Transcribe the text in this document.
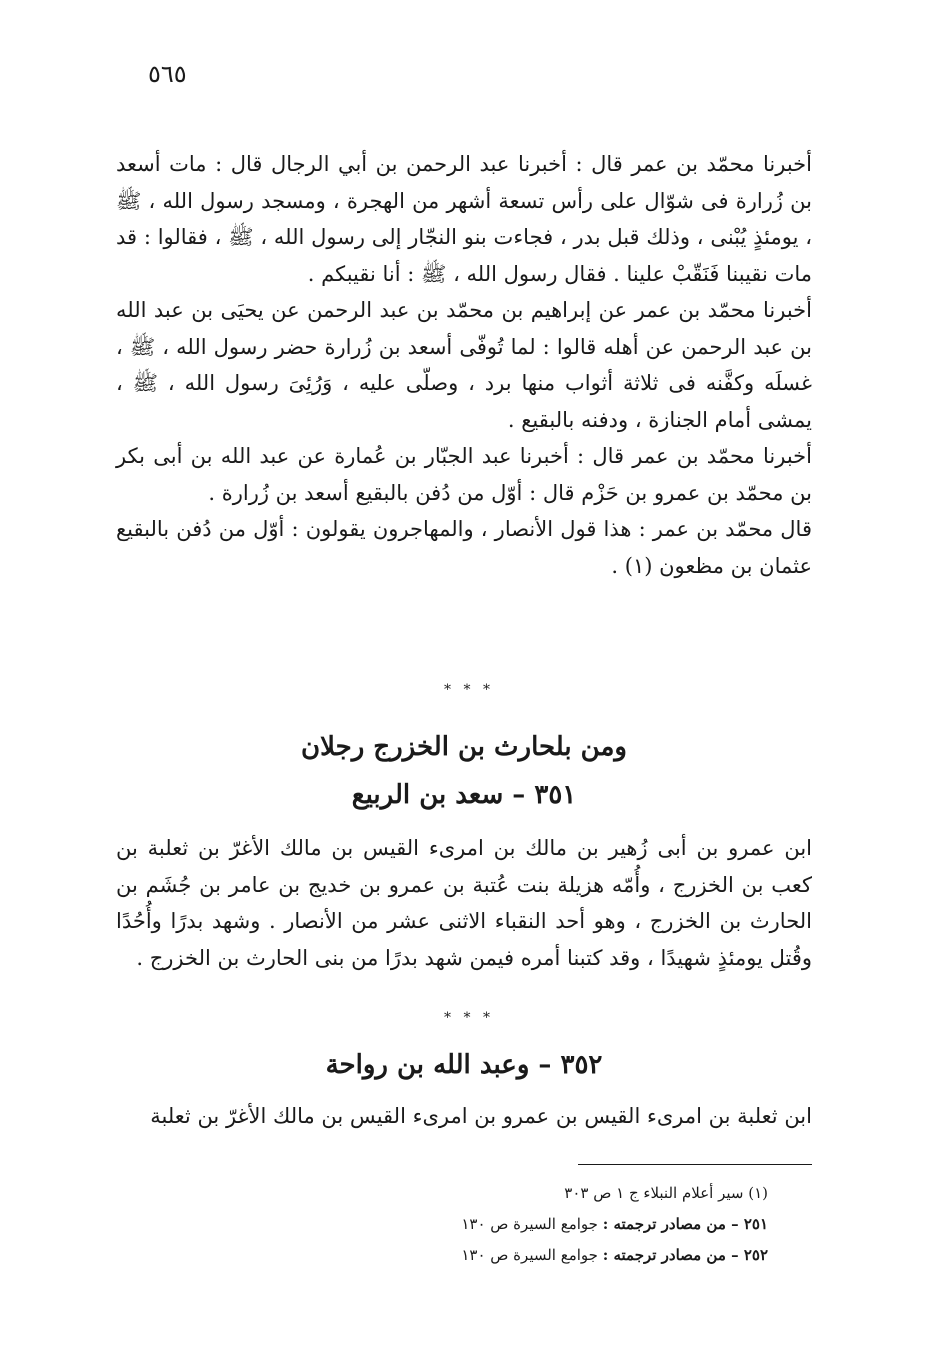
٥٦٥

أخبرنا محمّد بن عمر قال : أخبرنا عبد الرحمن بن أبي الرجال قال : مات أسعد بن زُرارة فى شوّال على رأس تسعة أشهر من الهجرة ، ومسجد رسول الله ، ﷺ ، يومئذٍ يُبْنى ، وذلك قبل بدر ، فجاءت بنو النجّار إلى رسول الله ، ﷺ ، فقالوا : قد مات نقيبنا فَنَقّبْ علينا . فقال رسول الله ، ﷺ : أنا نقيبكم .

أخبرنا محمّد بن عمر عن إبراهيم بن محمّد بن عبد الرحمن عن يحيَى بن عبد الله بن عبد الرحمن عن أهله قالوا : لما تُوفّى أسعد بن زُرارة حضر رسول الله ، ﷺ ، غسلَه وكفَّنه فى ثلاثة أثواب منها برد ، وصلّى عليه ، وَرُئِىَ رسول الله ، ﷺ ، يمشى أمام الجنازة ، ودفنه بالبقيع .

أخبرنا محمّد بن عمر قال : أخبرنا عبد الجبّار بن عُمارة عن عبد الله بن أبى بكر بن محمّد بن عمرو بن حَزْم قال : أوّل من دُفن بالبقيع أسعد بن زُرارة .

قال محمّد بن عمر : هذا قول الأنصار ، والمهاجرون يقولون : أوّل من دُفن بالبقيع عثمان بن مظعون (١) .

* * *
ومن بلحارث بن الخزرج رجلان
٣٥١ – سعد بن الربيع

ابن عمرو بن أبى زُهير بن مالك بن امرىء القيس بن مالك الأغرّ بن ثعلبة بن كعب بن الخزرج ، وأُمّه هزيلة بنت عُتبة بن عمرو بن خديج بن عامر بن جُشَم بن الحارث بن الخزرج ، وهو أحد النقباء الاثنى عشر من الأنصار . وشهد بدرًا وأُحُدًا وقُتل يومئذٍ شهيدًا ، وقد كتبنا أمره فيمن شهد بدرًا من بنى الحارث بن الخزرج .

* * *
٣٥٢ – وعبد الله بن رواحة

ابن ثعلبة بن امرىء القيس بن عمرو بن امرىء القيس بن مالك الأغرّ بن ثعلبة

(١) سير أعلام النبلاء ج ١ ص ٣٠٣

٢٥١ – من مصادر ترجمته : جوامع السيرة ص ١٣٠

٢٥٢ – من مصادر ترجمته : جوامع السيرة ص ١٣٠
